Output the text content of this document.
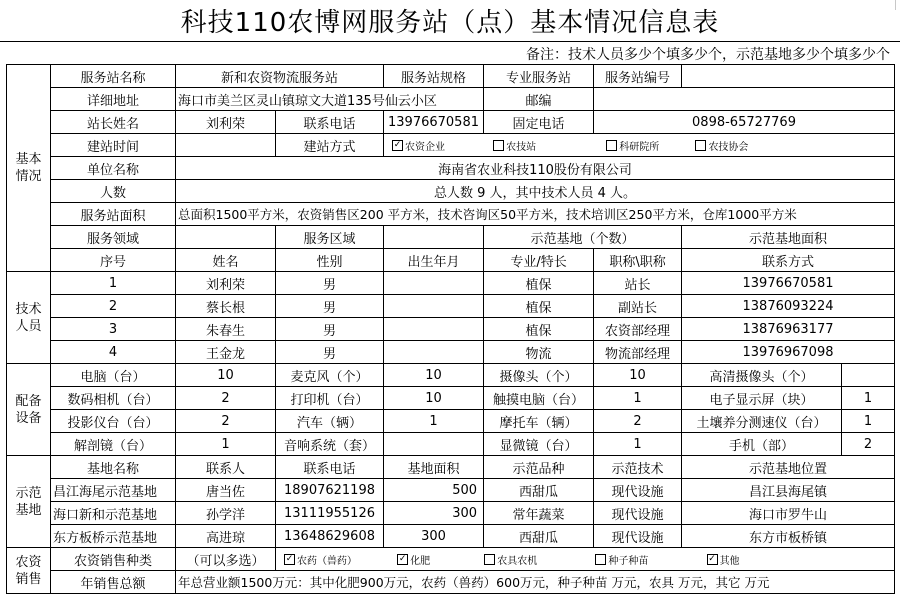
科技110农博网服务站（点）基本情况信息表
备注：技术人员多少个填多少个，示范基地多少个填多少个
基本
情况	服务站名称	新和农资物流服务站		服务站规格	专业服务站	服务站编号		
	详细地址	海口市美兰区灵山镇琼文大道135号仙云小区			邮编			
	站长姓名	刘利荣	联系电话	13976670581	固定电话	0898-65727769		
	建站时间		建站方式	✓ 农资企业 农技站 科研院所 农技协会				
	单位名称	海南省农业科技110股份有限公司						
	人数	总人数 9 人，其中技术人员 4 人。						
	服务站面积	总面积1500平方米，农资销售区200 平方米，技术咨询区50平方米，技术培训区250平方米，仓库1000平方米						
	服务领域		服务区域		示范基地（个数）		示范基地面积	
	序号	姓名	性别	出生年月	专业/特长	职称\职称	联系方式	

技术
人员	1	刘利荣	男		植保	站长	13976670581	
	2	蔡长根	男		植保	副站长	13876093224	
	3	朱春生	男		植保	农资部经理	13876963177	
	4	王金龙	男		物流	物流部经理	13976967098	

配备
设备	电脑（台）	10	麦克风（个）	10	摄像头（个）	10	高清摄像头（个）	
	数码相机（台）	2	打印机（台）	10	触摸电脑（台）	1	电子显示屏（块）	1
	投影仪台（台）	2	汽车（辆）	1	摩托车（辆）	2	土壤养分测速仪（台）	1
	解剖镜（台）	1	音响系统（套）		显微镜（台）	1	手机（部）	2

示范
基地	基地名称	联系人	联系电话	基地面积	示范品种	示范技术	示范基地位置	
	昌江海尾示范基地	唐当佐	18907621198	500	西甜瓜	现代设施	昌江县海尾镇	
	海口新和示范基地	孙学洋	13111955126	300	常年蔬菜	现代设施	海口市罗牛山	
	东方板桥示范基地	高进琼	13648629608	300	西甜瓜	现代设施	东方市板桥镇	

农资
销售	农资销售种类	（可以多选）	✓ 农药（兽药） ✓ 化肥 农具农机 种子种苗 ✓ 其他					
	年销售总额	年总营业额1500万元：其中化肥900万元，农药（兽药）600万元，种子种苗 万元，农具 万元，其它 万元						
